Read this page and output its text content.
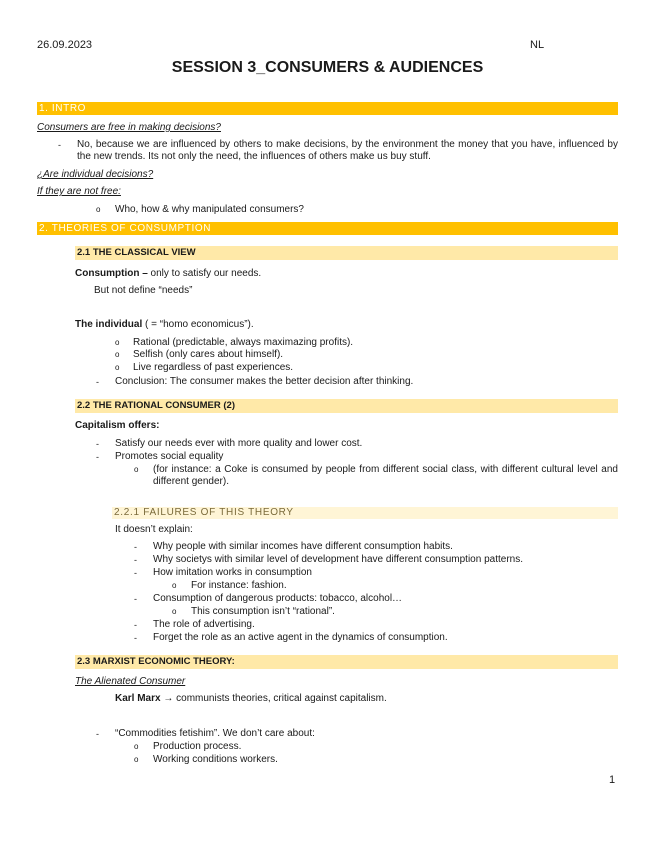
26.09.2023	NL
SESSION 3_CONSUMERS & AUDIENCES
1. INTRO
Consumers are free in making decisions?
- No, because we are influenced by others to make decisions, by the environment the money that you have, influenced by the new trends. Its not only the need, the influences of others make us buy stuff.
¿Are individual decisions?
If they are not free:
o Who, how & why manipulated consumers?
2. THEORIES OF CONSUMPTION
2.1 THE CLASSICAL VIEW
Consumption – only to satisfy our needs.
But not define “needs”
The individual ( = “homo economicus”).
o Rational (predictable, always maximazing profits).
o Selfish (only cares about himself).
o Live regardless of past experiences.
- Conclusion: The consumer makes the better decision after thinking.
2.2 THE RATIONAL CONSUMER (2)
Capitalism offers:
- Satisfy our needs ever with more quality and lower cost.
- Promotes social equality
o (for instance: a Coke is consumed by people from different social class, with different cultural level and different gender).
2.2.1 FAILURES OF THIS THEORY
It doesn’t explain:
- Why people with similar incomes have different consumption habits.
- Why societys with similar level of development have different consumption patterns.
- How imitation works in consumption
o For instance: fashion.
- Consumption of dangerous products: tobacco, alcohol…
o This consumption isn’t “rational”.
- The role of advertising.
- Forget the role as an active agent in the dynamics of consumption.
2.3 MARXIST ECONOMIC THEORY:
The Alienated Consumer
Karl Marx → communists theories, critical against capitalism.
- “Commodities fetishim”. We don’t care about:
o Production process.
o Working conditions workers.
1
